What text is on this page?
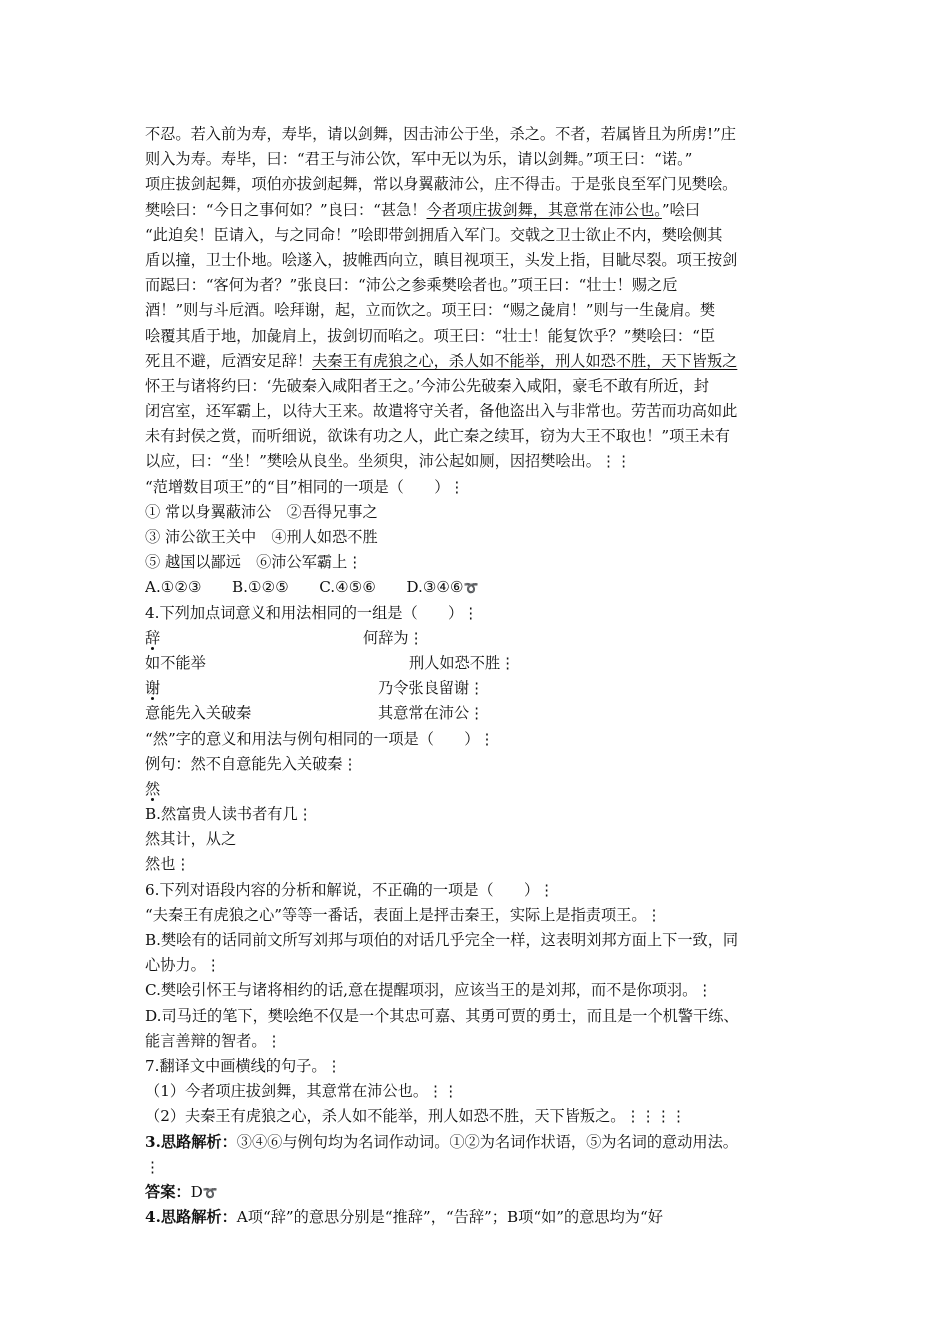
不忍。若入前为寿，寿毕，请以剑舞，因击沛公于坐，杀之。不者，若属皆且为所虏!”庄
则入为寿。寿毕，曰：“君王与沛公饮，军中无以为乐，请以剑舞。”项王曰：“诺。”
项庄拔剑起舞，项伯亦拔剑起舞，常以身翼蔽沛公，庄不得击。于是张良至军门见樊哙。
樊哙曰：“今日之事何如？”良曰：“甚急！今者项庄拔剑舞，其意常在沛公也。”哙曰
“此迫矣！臣请入，与之同命！”哙即带剑拥盾入军门。交戟之卫士欲止不内，樊哙侧其
盾以撞，卫士仆地。哙遂入，披帷西向立，瞋目视项王，头发上指，目眦尽裂。项王按剑
而跽曰：“客何为者？”张良曰：“沛公之参乘樊哙者也。”项王曰：“壮士！赐之卮
酒！”则与斗卮酒。哙拜谢，起，立而饮之。项王曰：“赐之彘肩！”则与一生彘肩。樊
哙覆其盾于地，加彘肩上，拔剑切而啗之。项王曰：“壮士！能复饮乎？”樊哙曰：“臣
死且不避，卮酒安足辞！夫秦王有虎狼之心，杀人如不能举，刑人如恐不胜，天下皆叛之
怀王与诸将约曰：‘先破秦入咸阳者王之。’今沛公先破秦入咸阳，豪毛不敢有所近，封
闭宫室，还军霸上，以待大王来。故遣将守关者，备他盗出入与非常也。劳苦而功高如此
未有封侯之赏，而听细说，欲诛有功之人，此亡秦之续耳，窃为大王不取也！”项王未有
以应，曰：“坐！”樊哙从良坐。坐须臾，沛公起如厕，因招樊哙出。⋮⋮
“范增数目项王”的“目”相同的一项是（　　）⋮
① 常以身翼蔽沛公　②吾得兄事之
③ 沛公欲王关中　④刑人如恐不胜
⑤ 越国以鄙远　⑥沛公军霸上⋮
A.①②③　　B.①②⑤　　C.④⑤⑥　　D.③④⑥➰
4.下列加点词意义和用法相同的一组是（　　）⋮
辞	何辞为⋮
如不能举	刑人如恐不胜⋮
谢	乃令张良留谢⋮
意能先入关破秦	其意常在沛公⋮
“然”字的意义和用法与例句相同的一项是（　　）⋮
例句：然不自意能先入关破秦⋮
然
B.然富贵人读书者有几⋮
然其计，从之
然也⋮
6.下列对语段内容的分析和解说，不正确的一项是（　　）⋮
“夫秦王有虎狼之心”等等一番话，表面上是抨击秦王，实际上是指责项王。⋮
B.樊哙有的话同前文所写刘邦与项伯的对话几乎完全一样，这表明刘邦方面上下一致，同
心协力。⋮
C.樊哙引怀王与诸将相约的话,意在提醒项羽，应该当王的是刘邦，而不是你项羽。⋮
D.司马迁的笔下，樊哙绝不仅是一个其忠可嘉、其勇可贾的勇士，而且是一个机警干练、
能言善辩的智者。⋮
7.翻译文中画横线的句子。⋮
（1）今者项庄拔剑舞，其意常在沛公也。⋮⋮
（2）夫秦王有虎狼之心，杀人如不能举，刑人如恐不胜，天下皆叛之。⋮⋮⋮⋮
3.思路解析：③④⑥与例句均为名词作动词。①②为名词作状语，⑤为名词的意动用法。
⋮
答案：D➰
4.思路解析：A项“辞”的意思分别是“推辞”，“告辞”；B项“如”的意思均为“好
